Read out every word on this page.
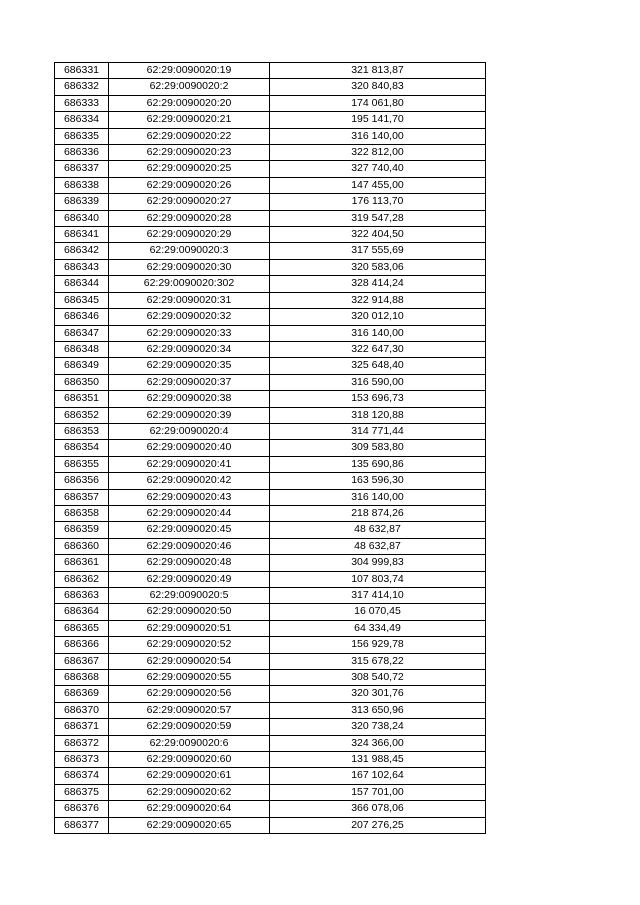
686331	62:29:0090020:19	321 813,87
686332	62:29:0090020:2	320 840,83
686333	62:29:0090020:20	174 061,80
686334	62:29:0090020:21	195 141,70
686335	62:29:0090020:22	316 140,00
686336	62:29:0090020:23	322 812,00
686337	62:29:0090020:25	327 740,40
686338	62:29:0090020:26	147 455,00
686339	62:29:0090020:27	176 113,70
686340	62:29:0090020:28	319 547,28
686341	62:29:0090020:29	322 404,50
686342	62:29:0090020:3	317 555,69
686343	62:29:0090020:30	320 583,06
686344	62:29:0090020:302	328 414,24
686345	62:29:0090020:31	322 914,88
686346	62:29:0090020:32	320 012,10
686347	62:29:0090020:33	316 140,00
686348	62:29:0090020:34	322 647,30
686349	62:29:0090020:35	325 648,40
686350	62:29:0090020:37	316 590,00
686351	62:29:0090020:38	153 696,73
686352	62:29:0090020:39	318 120,88
686353	62:29:0090020:4	314 771,44
686354	62:29:0090020:40	309 583,80
686355	62:29:0090020:41	135 690,86
686356	62:29:0090020:42	163 596,30
686357	62:29:0090020:43	316 140,00
686358	62:29:0090020:44	218 874,26
686359	62:29:0090020:45	48 632,87
686360	62:29:0090020:46	48 632,87
686361	62:29:0090020:48	304 999,83
686362	62:29:0090020:49	107 803,74
686363	62:29:0090020:5	317 414,10
686364	62:29:0090020:50	16 070,45
686365	62:29:0090020:51	64 334,49
686366	62:29:0090020:52	156 929,78
686367	62:29:0090020:54	315 678,22
686368	62:29:0090020:55	308 540,72
686369	62:29:0090020:56	320 301,76
686370	62:29:0090020:57	313 650,96
686371	62:29:0090020:59	320 738,24
686372	62:29:0090020:6	324 366,00
686373	62:29:0090020:60	131 988,45
686374	62:29:0090020:61	167 102,64
686375	62:29:0090020:62	157 701,00
686376	62:29:0090020:64	366 078,06
686377	62:29:0090020:65	207 276,25
